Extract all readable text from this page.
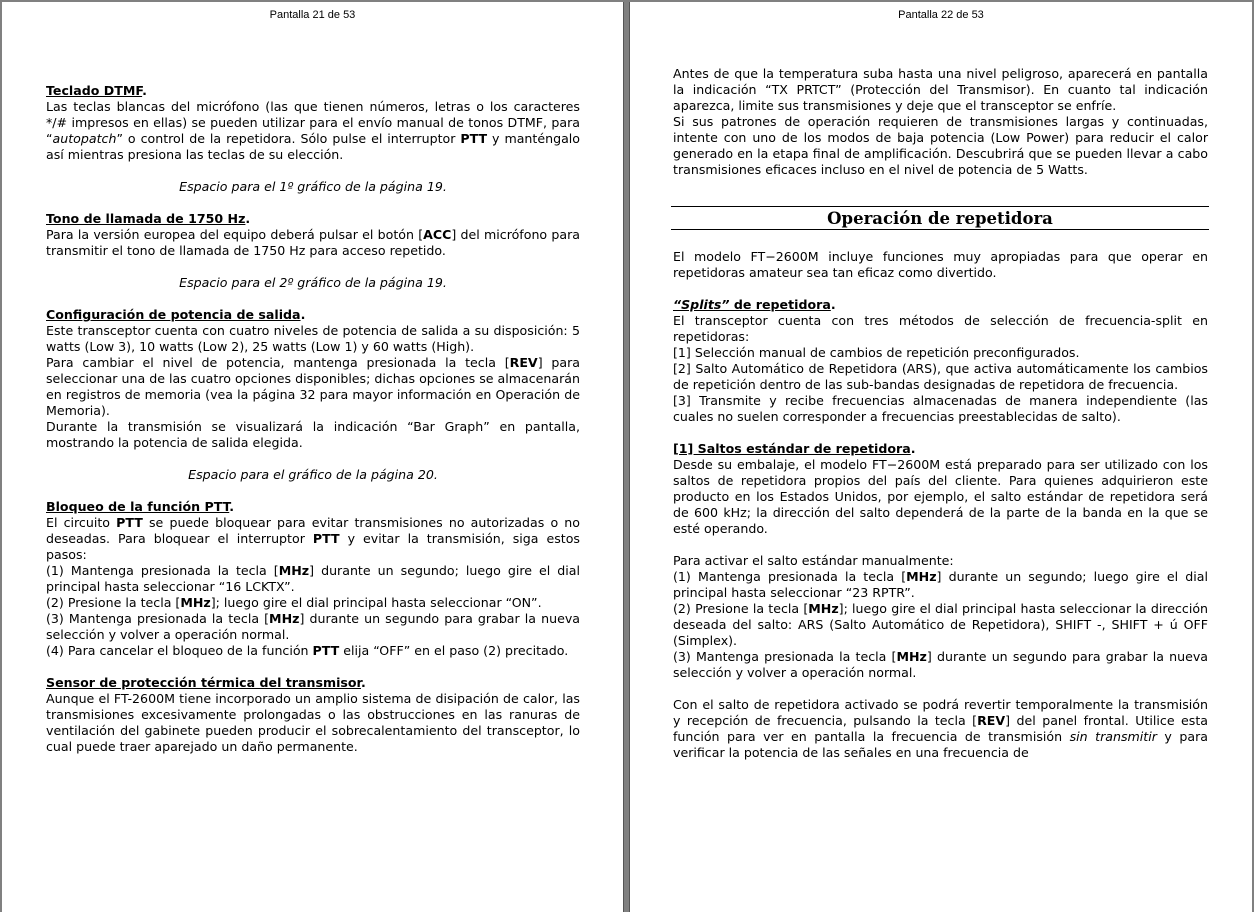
Pantalla 21 de 53

Teclado DTMF.

Las teclas blancas del micrófono (las que tienen números, letras o los caracteres */# impresos en ellas) se pueden utilizar para el envío manual de tonos DTMF, para “autopatch” o control de la repetidora. Sólo pulse el interruptor PTT y manténgalo así mientras presiona las teclas de su elección.

Espacio para el 1º gráfico de la página 19.

Tono de llamada de 1750 Hz.

Para la versión europea del equipo deberá pulsar el botón [ACC] del micrófono para transmitir el tono de llamada de 1750 Hz para acceso repetido.

Espacio para el 2º gráfico de la página 19.

Configuración de potencia de salida.

Este transceptor cuenta con cuatro niveles de potencia de salida a su disposición: 5 watts (Low 3), 10 watts (Low 2), 25 watts (Low 1) y 60 watts (High).

Para cambiar el nivel de potencia, mantenga presionada la tecla [REV] para seleccionar una de las cuatro opciones disponibles; dichas opciones se almacenarán en registros de memoria (vea la página 32 para mayor información en Operación de Memoria).

Durante la transmisión se visualizará la indicación “Bar Graph” en pantalla, mostrando la potencia de salida elegida.

Espacio para el gráfico de la página 20.

Bloqueo de la función PTT.

El circuito PTT se puede bloquear para evitar transmisiones no autorizadas o no deseadas. Para bloquear el interruptor PTT y evitar la transmisión, siga estos pasos:

(1) Mantenga presionada la tecla [MHz] durante un segundo; luego gire el dial principal hasta seleccionar “16 LCKTX”.

(2) Presione la tecla [MHz]; luego gire el dial principal hasta seleccionar “ON”.

(3) Mantenga presionada la tecla [MHz] durante un segundo para grabar la nueva selección y volver a operación normal.

(4) Para cancelar el bloqueo de la función PTT elija “OFF” en el paso (2) precitado.

Sensor de protección térmica del transmisor.

Aunque el FT-2600M tiene incorporado un amplio sistema de disipación de calor, las transmisiones excesivamente prolongadas o las obstrucciones en las ranuras de ventilación del gabinete pueden producir el sobrecalentamiento del transceptor, lo cual puede traer aparejado un daño permanente.

Pantalla 22 de 53

Antes de que la temperatura suba hasta una nivel peligroso, aparecerá en pantalla la indicación “TX PRTCT” (Protección del Transmisor). En cuanto tal indicación aparezca, limite sus transmisiones y deje que el transceptor se enfríe.

Si sus patrones de operación requieren de transmisiones largas y continuadas, intente con uno de los modos de baja potencia (Low Power) para reducir el calor generado en la etapa final de amplificación. Descubrirá que se pueden llevar a cabo transmisiones eficaces incluso en el nivel de potencia de 5 Watts.

Operación de repetidora

El modelo FT−2600M incluye funciones muy apropiadas para que operar en repetidoras amateur sea tan eficaz como divertido.

“Splits” de repetidora.

El transceptor cuenta con tres métodos de selección de frecuencia-split en repetidoras:

[1] Selección manual de cambios de repetición preconfigurados.

[2] Salto Automático de Repetidora (ARS), que activa automáticamente los cambios de repetición dentro de las sub-bandas designadas de repetidora de frecuencia.

[3] Transmite y recibe frecuencias almacenadas de manera independiente (las cuales no suelen corresponder a frecuencias preestablecidas de salto).

[1] Saltos estándar de repetidora.

Desde su embalaje, el modelo FT−2600M está preparado para ser utilizado con los saltos de repetidora propios del país del cliente. Para quienes adquirieron este producto en los Estados Unidos, por ejemplo, el salto estándar de repetidora será de 600 kHz; la dirección del salto dependerá de la parte de la banda en la que se esté operando.

Para activar el salto estándar manualmente:

(1) Mantenga presionada la tecla [MHz] durante un segundo; luego gire el dial principal hasta seleccionar “23 RPTR”.

(2) Presione la tecla [MHz]; luego gire el dial principal hasta seleccionar la dirección deseada del salto: ARS (Salto Automático de Repetidora), SHIFT -, SHIFT + ú OFF (Simplex).

(3) Mantenga presionada la tecla [MHz] durante un segundo para grabar la nueva selección y volver a operación normal.

Con el salto de repetidora activado se podrá revertir temporalmente la transmisión y recepción de frecuencia, pulsando la tecla [REV] del panel frontal. Utilice esta función para ver en pantalla la frecuencia de transmisión sin transmitir y para verificar la potencia de las señales en una frecuencia de
